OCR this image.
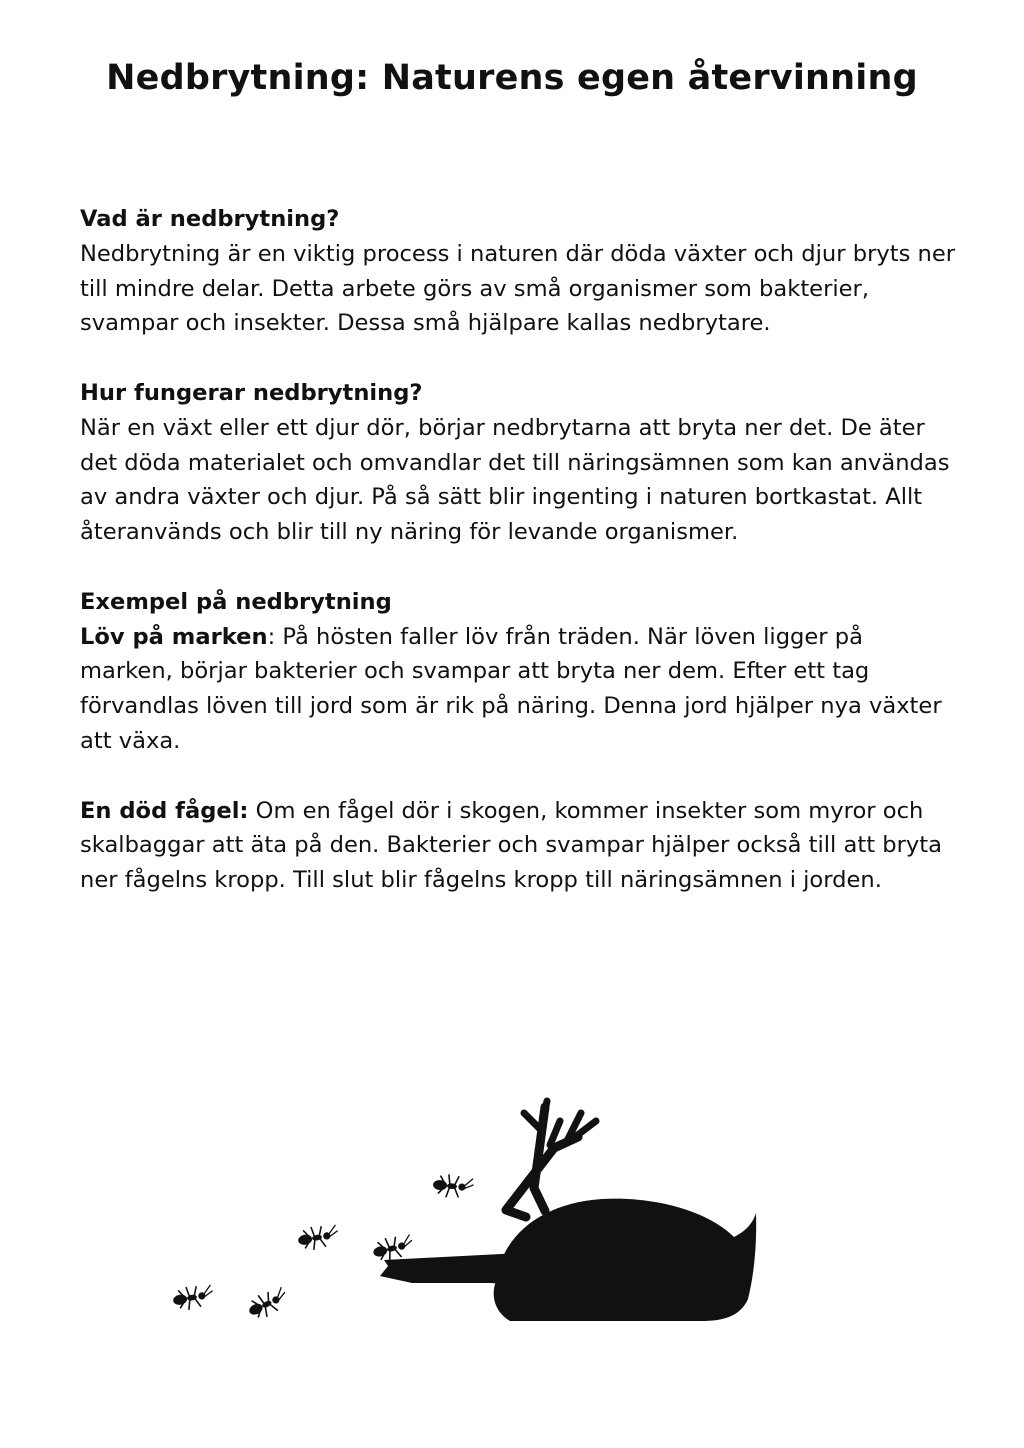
Nedbrytning: Naturens egen återvinning

Vad är nedbrytning?

Nedbrytning är en viktig process i naturen där döda växter och djur bryts ner till mindre delar. Detta arbete görs av små organismer som bakterier, svampar och insekter. Dessa små hjälpare kallas nedbrytare.

Hur fungerar nedbrytning?

När en växt eller ett djur dör, börjar nedbrytarna att bryta ner det. De äter det döda materialet och omvandlar det till näringsämnen som kan användas av andra växter och djur. På så sätt blir ingenting i naturen bortkastat. Allt återanvänds och blir till ny näring för levande organismer.

Exempel på nedbrytning

Löv på marken: På hösten faller löv från träden. När löven ligger på marken, börjar bakterier och svampar att bryta ner dem. Efter ett tag förvandlas löven till jord som är rik på näring. Denna jord hjälper nya växter att växa.

En död fågel: Om en fågel dör i skogen, kommer insekter som myror och skalbaggar att äta på den. Bakterier och svampar hjälper också till att bryta ner fågelns kropp. Till slut blir fågelns kropp till näringsämnen i jorden.
